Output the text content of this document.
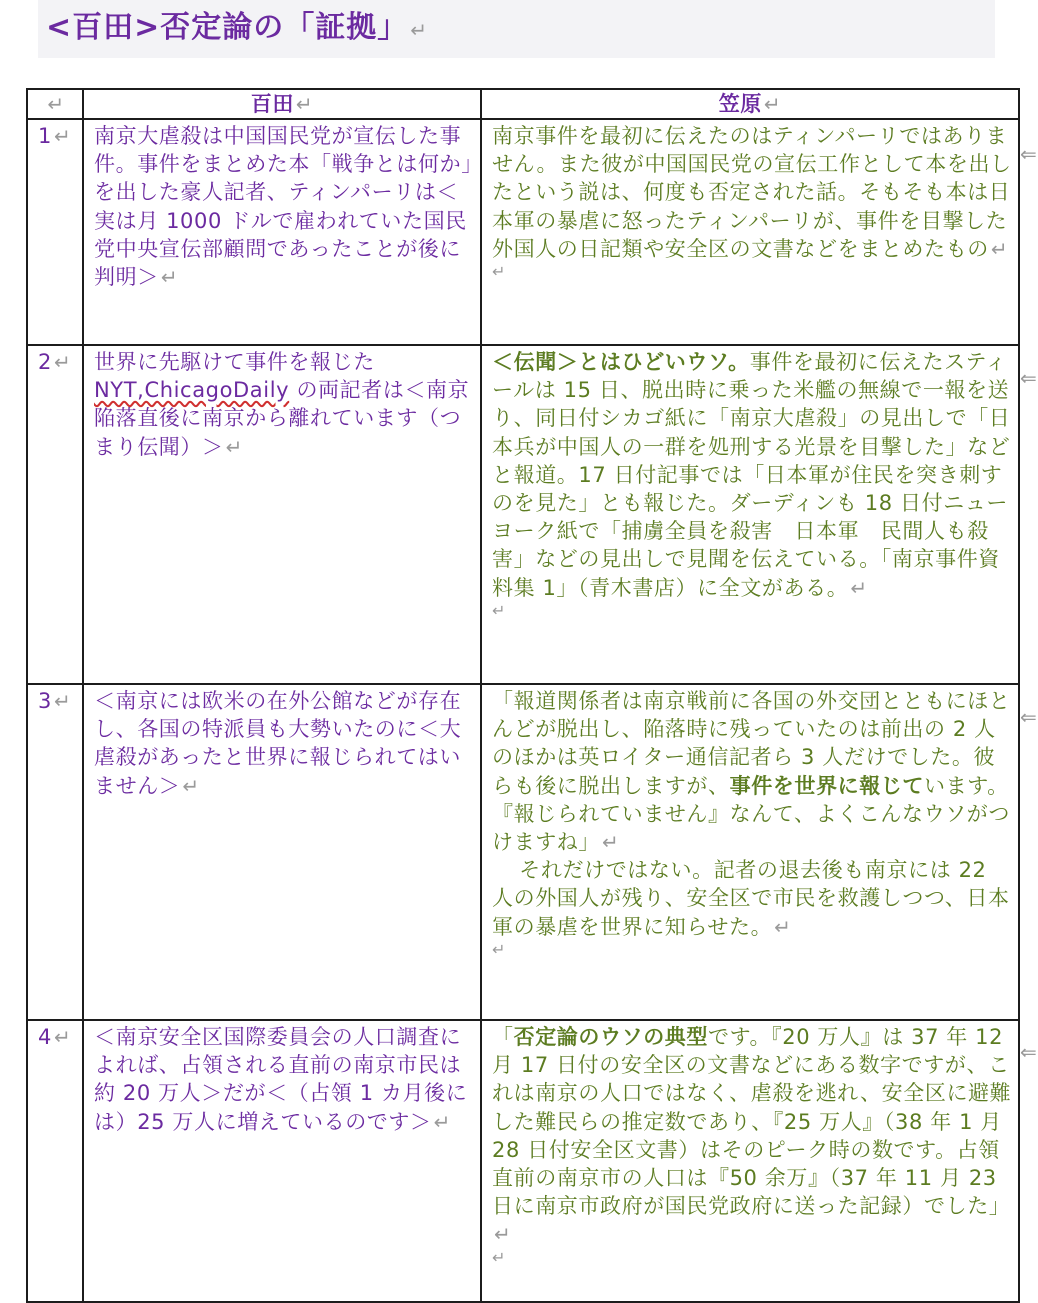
<百田>否定論の「証拠」 ↵
⇐
⇐
⇐
⇐
↵	百田 ↵	笠原 ↵
1 ↵	南京大虐殺は中国国民党が宣伝した事件。事件をまとめた本「戦争とは何か」を出した豪人記者、ティンパーリは＜実は月 1000 ドルで雇われていた国民党中央宣伝部顧問であったことが後に判明＞ ↵	南京事件を最初に伝えたのはティンパーリではありません。また彼が中国国民党の宣伝工作として本を出したという説は、何度も否定された話。そもそも本は日本軍の暴虐に怒ったティンパーリが、事件を目撃した外国人の日記類や安全区の文書などをまとめたもの ↵
↵

2 ↵	世界に先駆けて事件を報じたNYT,ChicagoDaily の両記者は＜南京陥落直後に南京から離れています（つまり伝聞）＞ ↵	＜伝聞＞とはひどいウソ。事件を最初に伝えたスティールは 15 日、脱出時に乗った米艦の無線で一報を送り、同日付シカゴ紙に「南京大虐殺」の見出しで「日本兵が中国人の一群を処刑する光景を目撃した」などと報道。17 日付記事では「日本軍が住民を突き刺すのを見た」とも報じた。ダーディンも 18 日付ニューヨーク紙で「捕虜全員を殺害　日本軍　民間人も殺害」などの見出しで見聞を伝えている。「南京事件資料集 1」（青木書店）に全文がある。 ↵
↵

3 ↵	＜南京には欧米の在外公館などが存在し、各国の特派員も大勢いたのに＜大虐殺があったと世界に報じられてはいません＞ ↵	「報道関係者は南京戦前に各国の外交団とともにほとんどが脱出し、陥落時に残っていたのは前出の 2 人のほかは英ロイター通信記者ら 3 人だけでした。彼らも後に脱出しますが、事件を世界に報じています。『報じられていません』なんて、よくこんなウソがつけますね」 ↵
それだけではない。記者の退去後も南京には 22 人の外国人が残り、安全区で市民を救護しつつ、日本軍の暴虐を世界に知らせた。 ↵
↵

4 ↵	＜南京安全区国際委員会の人口調査によれば、占領される直前の南京市民は約 20 万人＞だが＜（占領 1 カ月後には）25 万人に増えているのです＞ ↵	「否定論のウソの典型です。『20 万人』は 37 年 12 月 17 日付の安全区の文書などにある数字ですが、これは南京の人口ではなく、虐殺を逃れ、安全区に避難した難民らの推定数であり、『25 万人』（38 年 1 月 28 日付安全区文書）はそのピーク時の数です。占領直前の南京市の人口は『50 余万』（37 年 11 月 23 日に南京市政府が国民党政府に送った記録）でした」↵
↵
